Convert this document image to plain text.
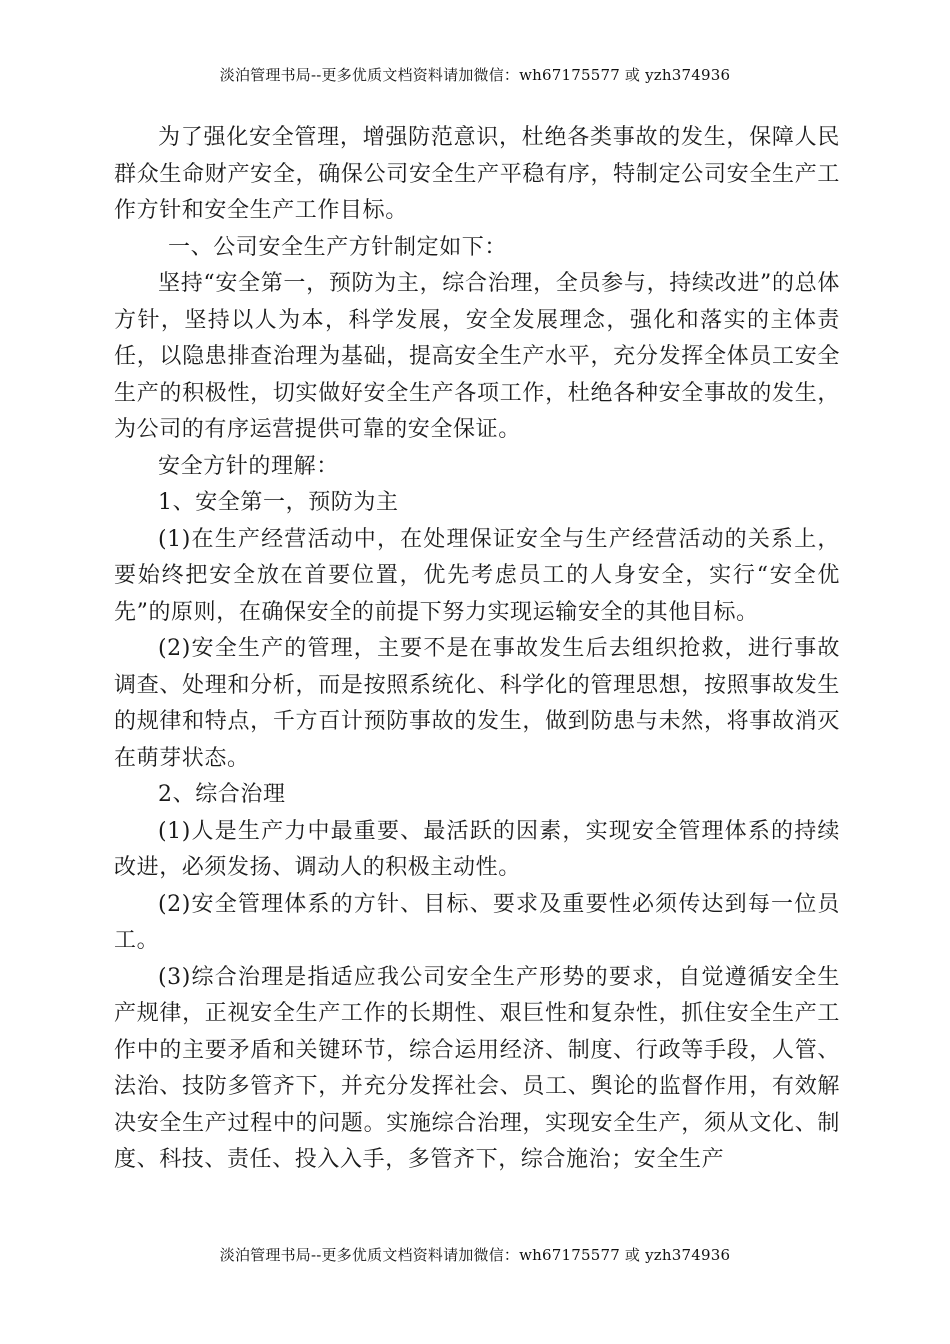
淡泊管理书局--更多优质文档资料请加微信：wh67175577 或 yzh374936

为了强化安全管理，增强防范意识，杜绝各类事故的发生，保障人民群众生命财产安全，确保公司安全生产平稳有序，特制定公司安全生产工作方针和安全生产工作目标。

一、公司安全生产方针制定如下：

坚持“安全第一，预防为主，综合治理，全员参与，持续改进”的总体方针，坚持以人为本，科学发展，安全发展理念，强化和落实的主体责任，以隐患排查治理为基础，提高安全生产水平，充分发挥全体员工安全生产的积极性，切实做好安全生产各项工作，杜绝各种安全事故的发生，为公司的有序运营提供可靠的安全保证。

安全方针的理解：

1、安全第一，预防为主

(1)在生产经营活动中，在处理保证安全与生产经营活动的关系上，要始终把安全放在首要位置，优先考虑员工的人身安全，实行“安全优先”的原则，在确保安全的前提下努力实现运输安全的其他目标。

(2)安全生产的管理，主要不是在事故发生后去组织抢救，进行事故调查、处理和分析，而是按照系统化、科学化的管理思想，按照事故发生的规律和特点，千方百计预防事故的发生，做到防患与未然，将事故消灭在萌芽状态。

2、综合治理

(1)人是生产力中最重要、最活跃的因素，实现安全管理体系的持续改进，必须发扬、调动人的积极主动性。

(2)安全管理体系的方针、目标、要求及重要性必须传达到每一位员工。

(3)综合治理是指适应我公司安全生产形势的要求，自觉遵循安全生产规律，正视安全生产工作的长期性、艰巨性和复杂性，抓住安全生产工作中的主要矛盾和关键环节，综合运用经济、制度、行政等手段，人管、法治、技防多管齐下，并充分发挥社会、员工、舆论的监督作用，有效解决安全生产过程中的问题。实施综合治理，实现安全生产，须从文化、制度、科技、责任、投入入手，多管齐下，综合施治；安全生产

淡泊管理书局--更多优质文档资料请加微信：wh67175577 或 yzh374936
